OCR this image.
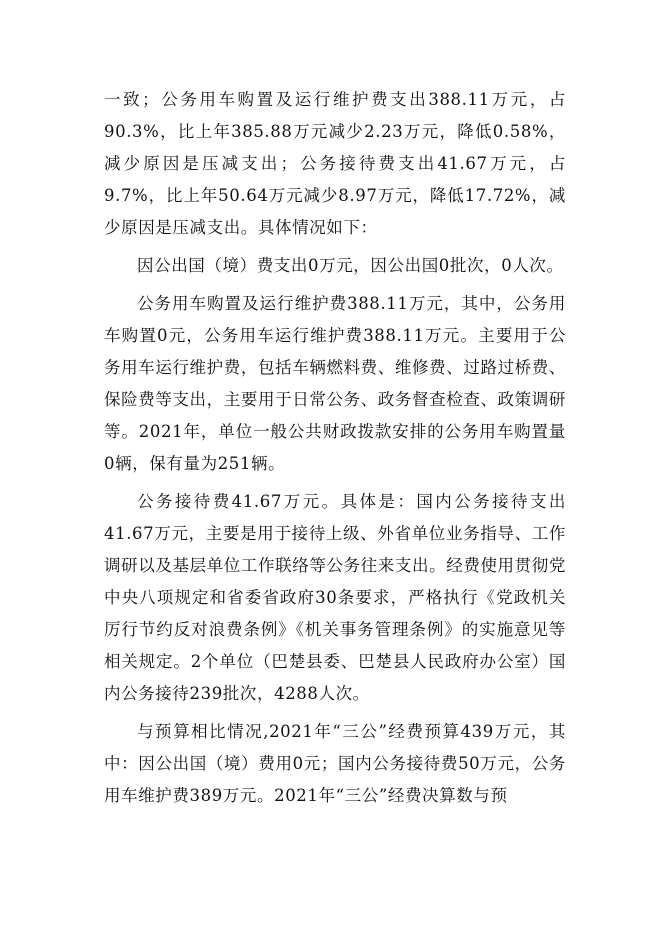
一致；公务用车购置及运行维护费支出388.11万元，占90.3%，比上年385.88万元减少2.23万元，降低0.58%，减少原因是压减支出；公务接待费支出41.67万元，占9.7%，比上年50.64万元减少8.97万元，降低17.72%，减少原因是压减支出。具体情况如下：

因公出国（境）费支出0万元，因公出国0批次，0人次。

公务用车购置及运行维护费388.11万元，其中，公务用车购置0元，公务用车运行维护费388.11万元。主要用于公务用车运行维护费，包括车辆燃料费、维修费、过路过桥费、保险费等支出，主要用于日常公务、政务督查检查、政策调研等。2021年，单位一般公共财政拨款安排的公务用车购置量0辆，保有量为251辆。

公务接待费41.67万元。具体是：国内公务接待支出41.67万元，主要是用于接待上级、外省单位业务指导、工作调研以及基层单位工作联络等公务往来支出。经费使用贯彻党中央八项规定和省委省政府30条要求，严格执行《党政机关厉行节约反对浪费条例》《机关事务管理条例》的实施意见等相关规定。2个单位（巴楚县委、巴楚县人民政府办公室）国内公务接待239批次，4288人次。

与预算相比情况,2021年“三公”经费预算439万元，其中：因公出国（境）费用0元；国内公务接待费50万元，公务用车维护费389万元。2021年“三公”经费决算数与预
